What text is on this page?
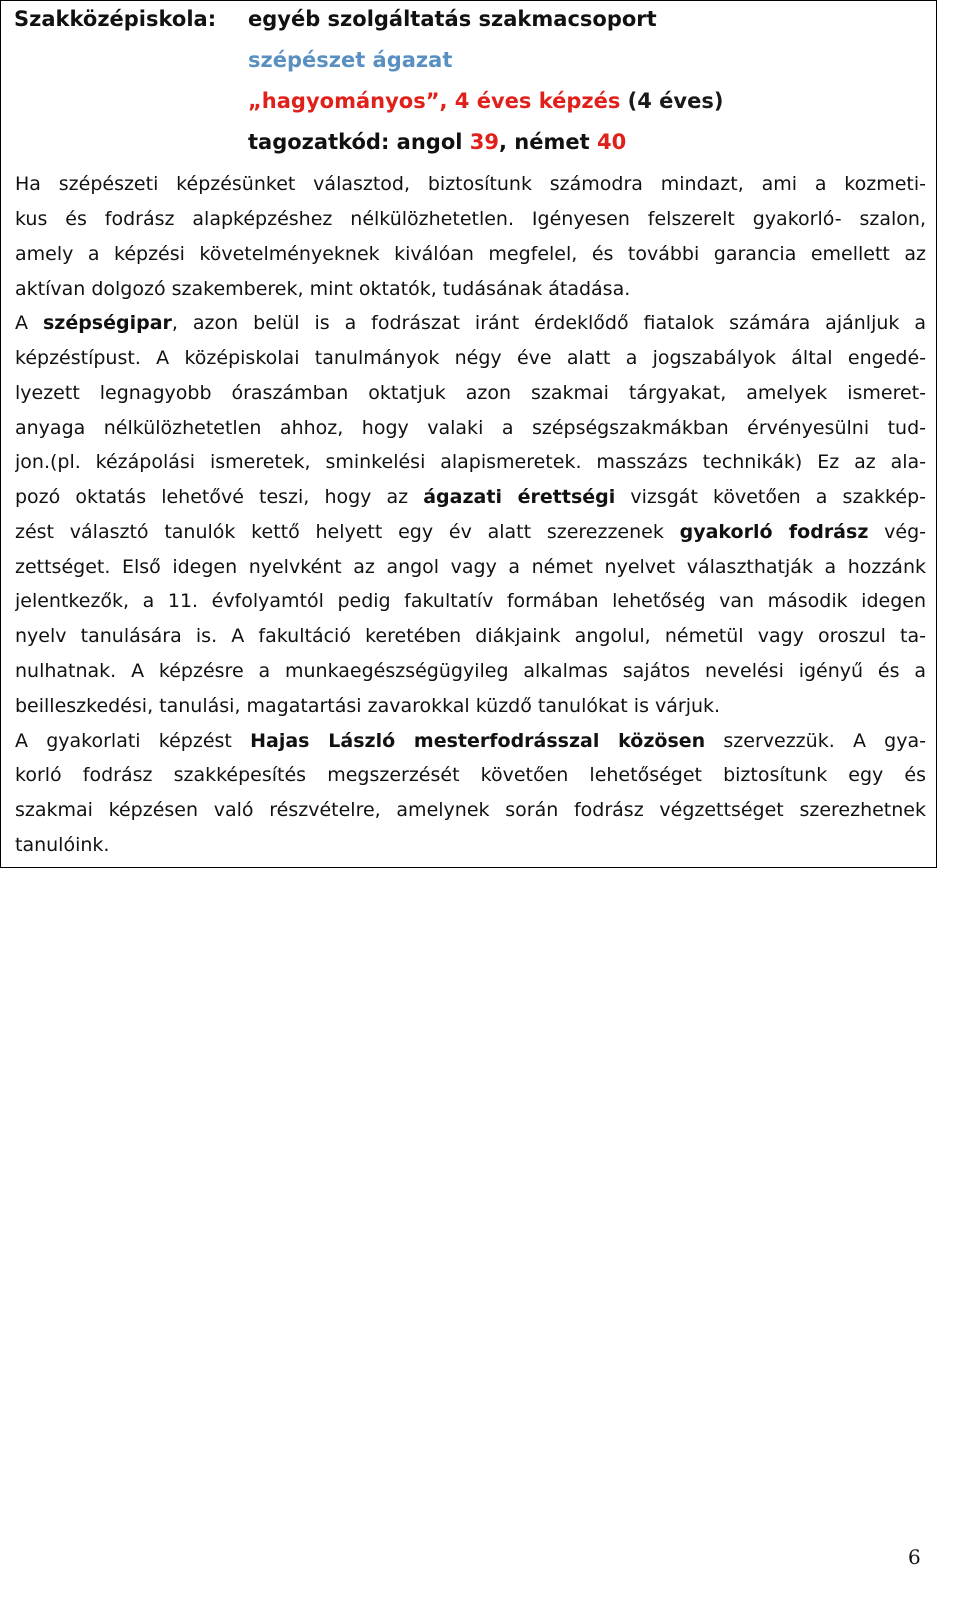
Szakközépiskola: egyéb szolgáltatás szakmacsoport
szépészet ágazat
„hagyományos”, 4 éves képzés (4 éves)
tagozatkód: angol 39, német 40
Ha szépészeti képzésünket választod, biztosítunk számodra mindazt, ami a kozmeti-
kus és fodrász alapképzéshez nélkülözhetetlen. Igényesen felszerelt gyakorló- szalon,
amely a képzési követelményeknek kiválóan megfelel, és további garancia emellett az
aktívan dolgozó szakemberek, mint oktatók, tudásának átadása.
A szépségipar, azon belül is a fodrászat iránt érdeklődő fiatalok számára ajánljuk a
képzéstípust. A középiskolai tanulmányok négy éve alatt a jogszabályok által engedé-
lyezett legnagyobb óraszámban oktatjuk azon szakmai tárgyakat, amelyek ismeret-
anyaga nélkülözhetetlen ahhoz, hogy valaki a szépségszakmákban érvényesülni tud-
jon.(pl. kézápolási ismeretek, sminkelési alapismeretek. masszázs technikák) Ez az ala-
pozó oktatás lehetővé teszi, hogy az ágazati érettségi vizsgát követően a szakkép-
zést választó tanulók kettő helyett egy év alatt szerezzenek gyakorló fodrász vég-
zettséget. Első idegen nyelvként az angol vagy a német nyelvet választhatják a hozzánk
jelentkezők, a 11. évfolyamtól pedig fakultatív formában lehetőség van második idegen
nyelv tanulására is. A fakultáció keretében diákjaink angolul, németül vagy oroszul ta-
nulhatnak. A képzésre a munkaegészségügyileg alkalmas sajátos nevelési igényű és a
beilleszkedési, tanulási, magatartási zavarokkal küzdő tanulókat is várjuk.
A gyakorlati képzést Hajas László mesterfodrásszal közösen szervezzük. A gya-
korló fodrász szakképesítés megszerzését követően lehetőséget biztosítunk egy és
szakmai képzésen való részvételre, amelynek során fodrász végzettséget szerezhetnek
tanulóink.
6
